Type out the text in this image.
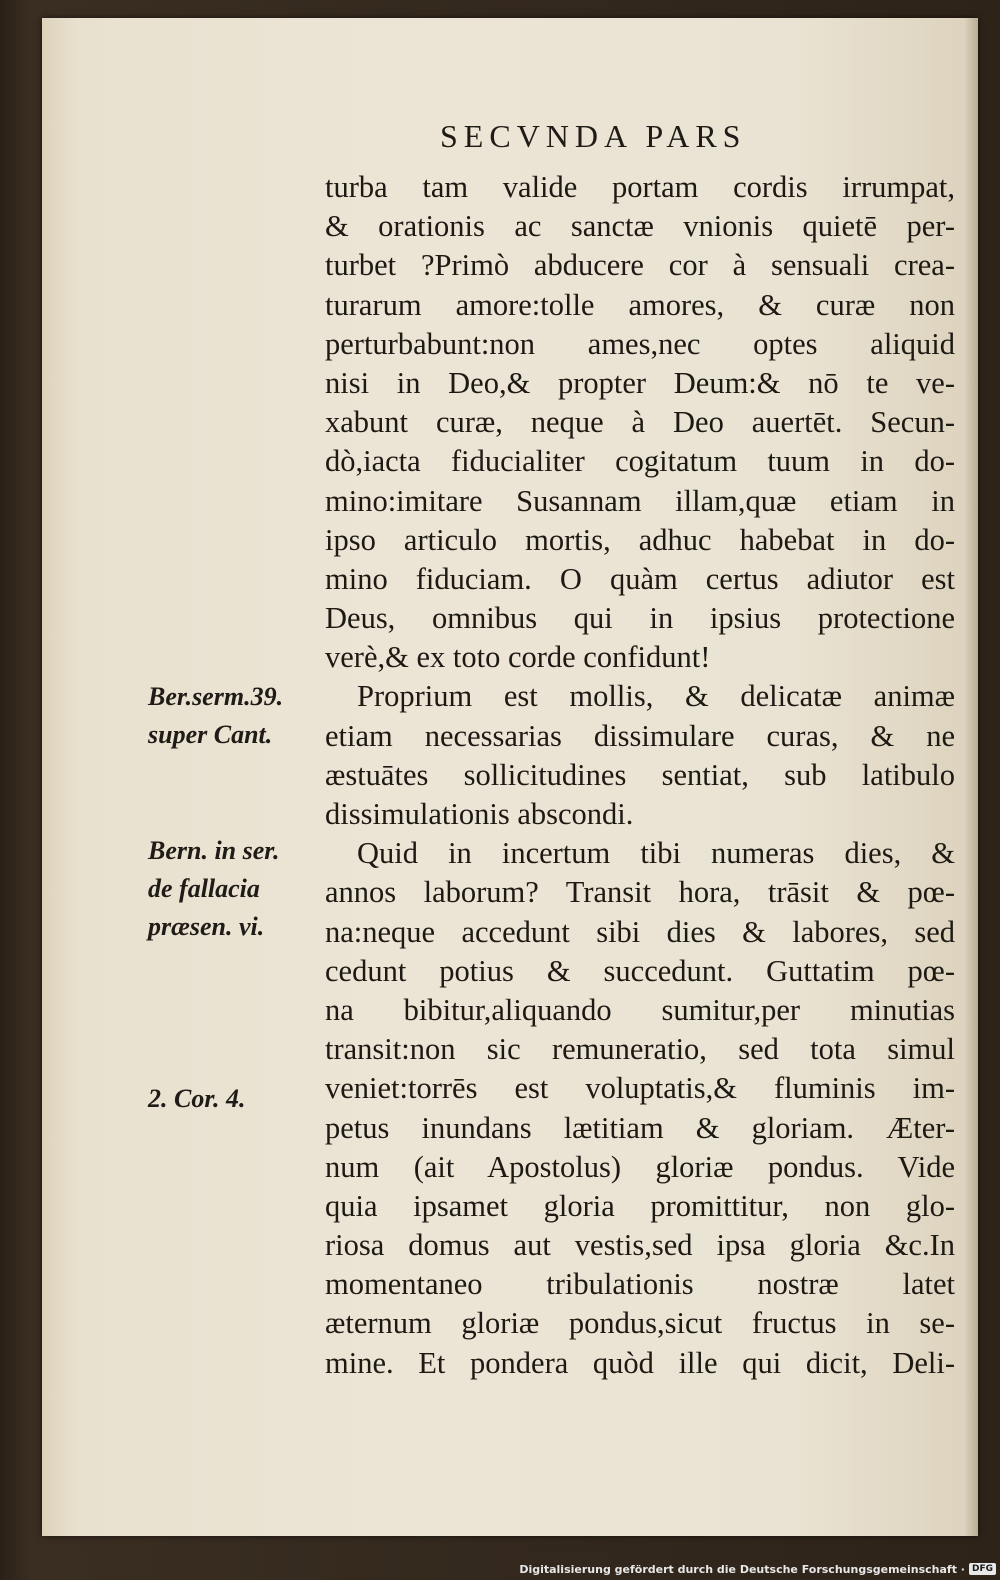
SECVNDA PARS
turba tam valide portam cordis irrumpat,
& orationis ac sanctæ vnionis quietē per-
turbet ?Primò abducere cor à sensuali crea-
turarum amore:tolle amores, & curæ non
perturbabunt:non ames,nec optes aliquid
nisi in Deo,& propter Deum:& nō te ve-
xabunt curæ, neque à Deo auertēt. Secun-
dò,iacta fiducialiter cogitatum tuum in do-
mino:imitare Susannam illam,quæ etiam in
ipso articulo mortis, adhuc habebat in do-
mino fiduciam. O quàm certus adiutor est
Deus, omnibus qui in ipsius protectione
verè,& ex toto corde confidunt!
Proprium est mollis, & delicatæ animæ
etiam necessarias dissimulare curas, & ne
æstuātes sollicitudines sentiat, sub latibulo
dissimulationis abscondi.
Quid in incertum tibi numeras dies, &
annos laborum? Transit hora, trāsit & pœ-
na:neque accedunt sibi dies & labores, sed
cedunt potius & succedunt. Guttatim pœ-
na bibitur,aliquando sumitur,per minutias
transit:non sic remuneratio, sed tota simul
veniet:torrēs est voluptatis,& fluminis im-
petus inundans lætitiam & gloriam. Æter-
num (ait Apostolus) gloriæ pondus. Vide
quia ipsamet gloria promittitur, non glo-
riosa domus aut vestis,sed ipsa gloria &c.In
momentaneo tribulationis nostræ latet
æternum gloriæ pondus,sicut fructus in se-
mine. Et pondera quòd ille qui dicit, Deli-
Ber.serm.39.
super Cant.
Bern. in ser.
de fallacia
præsen. vi.
2. Cor. 4.
Digitalisierung gefördert durch die Deutsche Forschungsgemeinschaft · DFG
